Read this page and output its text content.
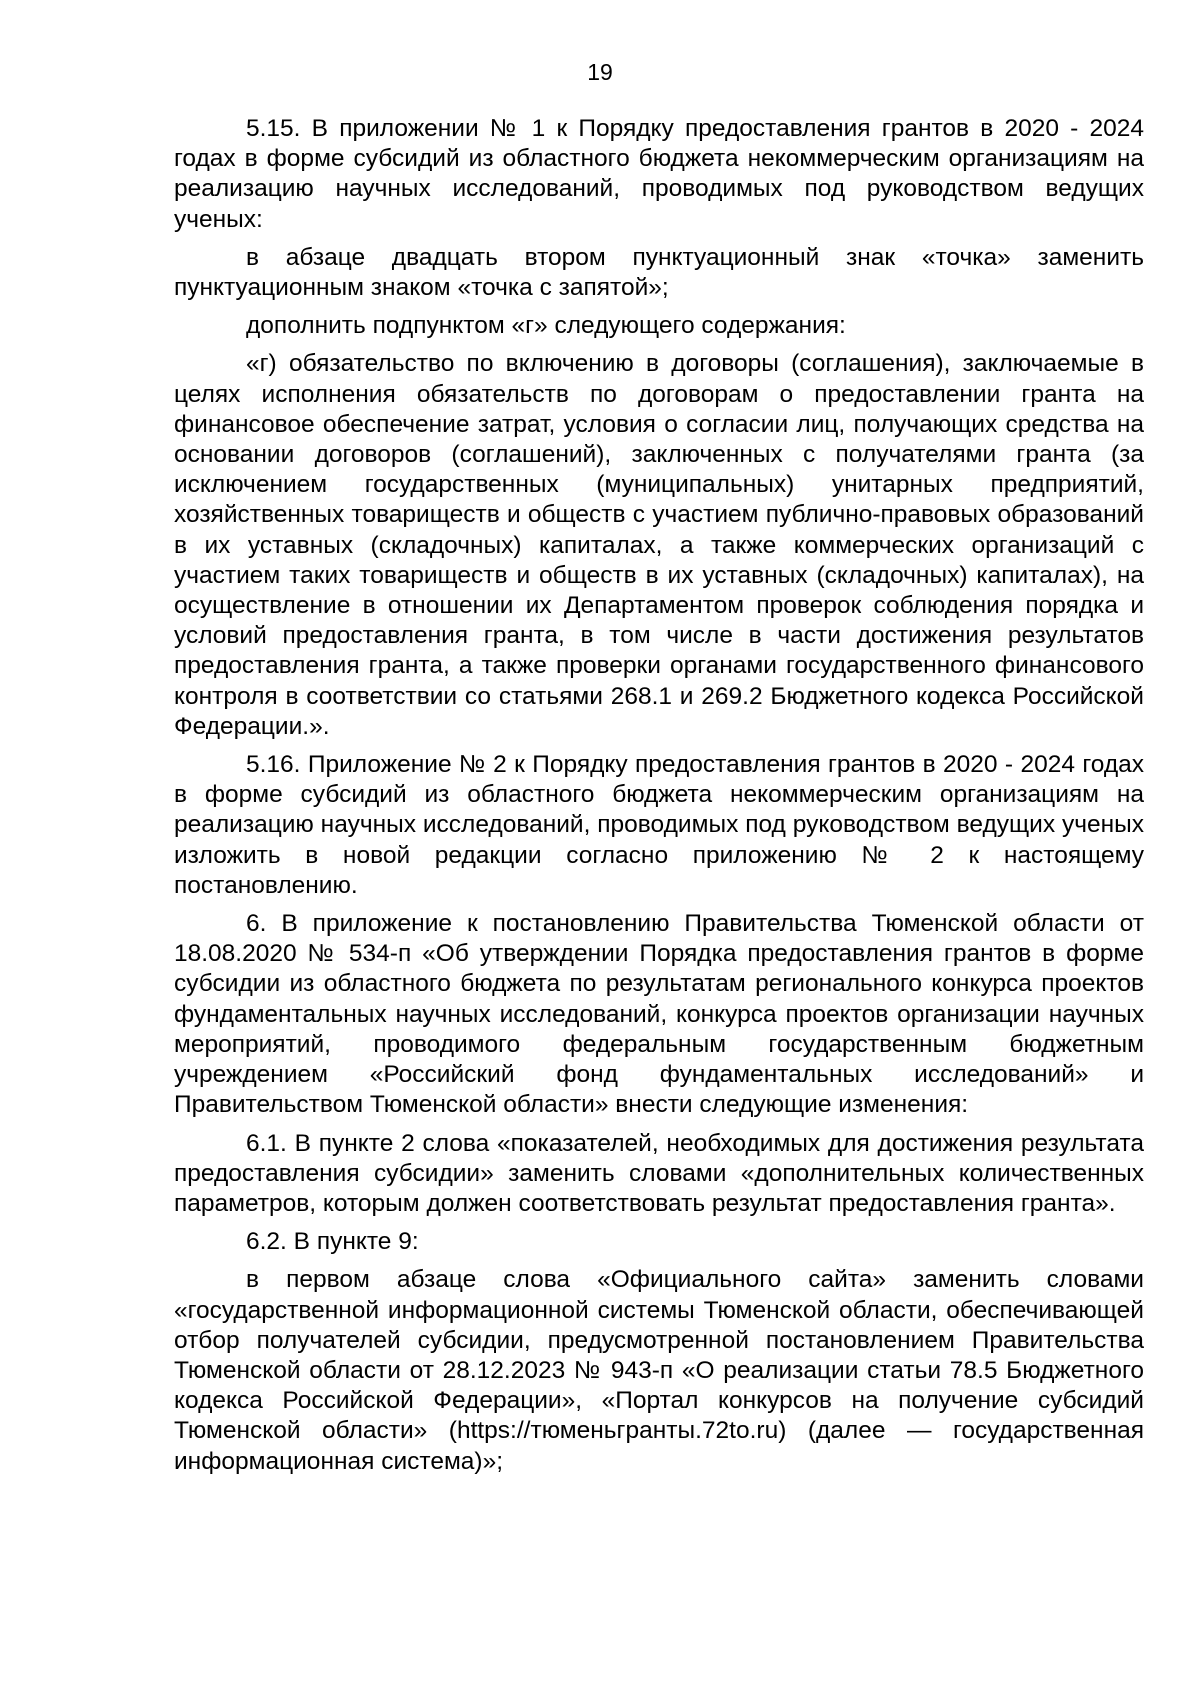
19

5.15. В приложении № 1 к Порядку предоставления грантов в 2020 - 2024 годах в форме субсидий из областного бюджета некоммерческим организациям на реализацию научных исследований, проводимых под руководством ведущих ученых:

в абзаце двадцать втором пунктуационный знак «точка» заменить пунктуационным знаком «точка с запятой»;

дополнить подпунктом «г» следующего содержания:

«г) обязательство по включению в договоры (соглашения), заключаемые в целях исполнения обязательств по договорам о предоставлении гранта на финансовое обеспечение затрат, условия о согласии лиц, получающих средства на основании договоров (соглашений), заключенных с получателями гранта (за исключением государственных (муниципальных) унитарных предприятий, хозяйственных товариществ и обществ с участием публично-правовых образований в их уставных (складочных) капиталах, а также коммерческих организаций с участием таких товариществ и обществ в их уставных (складочных) капиталах), на осуществление в отношении их Департаментом проверок соблюдения порядка и условий предоставления гранта, в том числе в части достижения результатов предоставления гранта, а также проверки органами государственного финансового контроля в соответствии со статьями 268.1 и 269.2 Бюджетного кодекса Российской Федерации.».

5.16. Приложение № 2 к Порядку предоставления грантов в 2020 - 2024 годах в форме субсидий из областного бюджета некоммерческим организациям на реализацию научных исследований, проводимых под руководством ведущих ученых изложить в новой редакции согласно приложению № 2 к настоящему постановлению.

6. В приложение к постановлению Правительства Тюменской области от 18.08.2020 № 534-п «Об утверждении Порядка предоставления грантов в форме субсидии из областного бюджета по результатам регионального конкурса проектов фундаментальных научных исследований, конкурса проектов организации научных мероприятий, проводимого федеральным государственным бюджетным учреждением «Российский фонд фундаментальных исследований» и Правительством Тюменской области» внести следующие изменения:

6.1. В пункте 2 слова «показателей, необходимых для достижения результата предоставления субсидии» заменить словами «дополнительных количественных параметров, которым должен соответствовать результат предоставления гранта».

6.2. В пункте 9:

в первом абзаце слова «Официального сайта» заменить словами «государственной информационной системы Тюменской области, обеспечивающей отбор получателей субсидии, предусмотренной постановлением Правительства Тюменской области от 28.12.2023 № 943-п «О реализации статьи 78.5 Бюджетного кодекса Российской Федерации», «Портал конкурсов на получение субсидий Тюменской области» (https://тюменьгранты.72to.ru) (далее — государственная информационная система)»;
